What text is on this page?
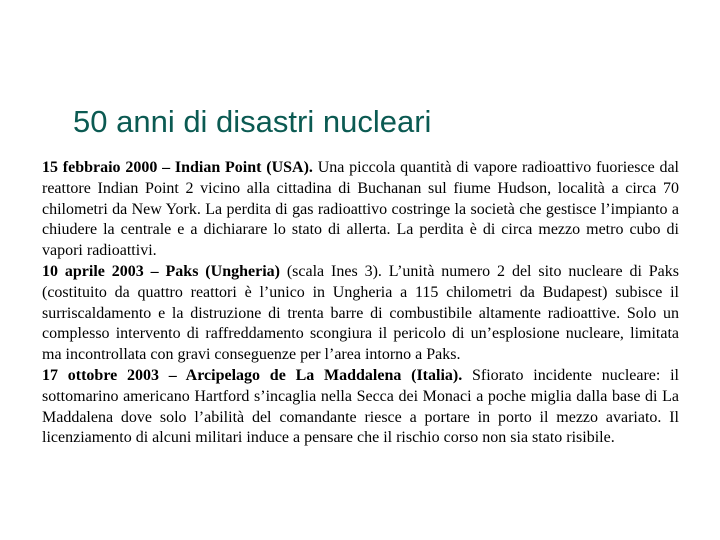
50 anni di disastri nucleari

15 febbraio 2000 – Indian Point (USA). Una piccola quantità di vapore radioattivo fuoriesce dal reattore Indian Point 2 vicino alla cittadina di Buchanan sul fiume Hudson, località a circa 70 chilometri da New York. La perdita di gas radioattivo costringe la società che gestisce l’impianto a chiudere la centrale e a dichiarare lo stato di allerta. La perdita è di circa mezzo metro cubo di vapori radioattivi.

10 aprile 2003 – Paks (Ungheria) (scala Ines 3). L’unità numero 2 del sito nucleare di Paks (costituito da quattro reattori è l’unico in Ungheria a 115 chilometri da Budapest) subisce il surriscaldamento e la distruzione di trenta barre di combustibile altamente radioattive. Solo un complesso intervento di raffreddamento scongiura il pericolo di un’esplosione nucleare, limitata ma incontrollata con gravi conseguenze per l’area intorno a Paks.

17 ottobre 2003 – Arcipelago de La Maddalena (Italia). Sfiorato incidente nucleare: il sottomarino americano Hartford s’incaglia nella Secca dei Monaci a poche miglia dalla base di La Maddalena dove solo l’abilità del comandante riesce a portare in porto il mezzo avariato. Il licenziamento di alcuni militari induce a pensare che il rischio corso non sia stato risibile.
